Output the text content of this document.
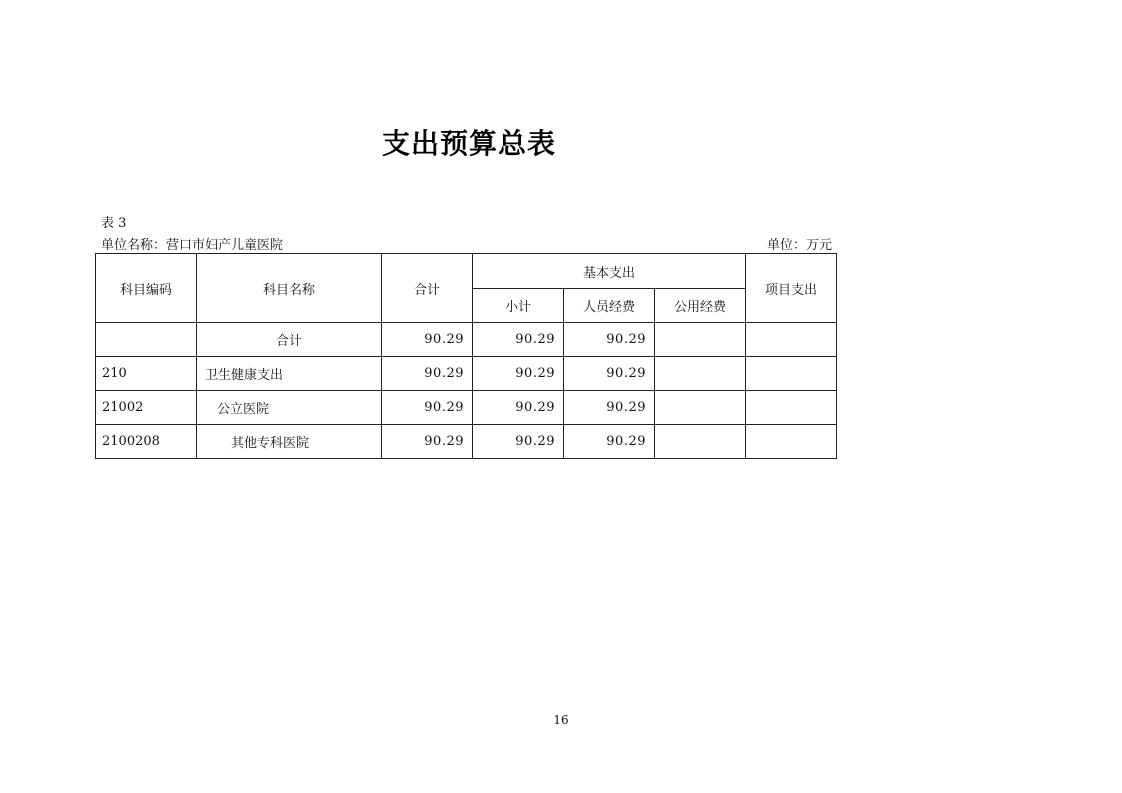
支出预算总表
表 3
单位名称：营口市妇产儿童医院	单位：万元
科目编码	科目名称	合计	基本支出			项目支出
			小计	人员经费	公用经费	
	合计	90.29	90.29	90.29		
210	卫生健康支出	90.29	90.29	90.29		
21002	公立医院	90.29	90.29	90.29		
2100208	其他专科医院	90.29	90.29	90.29		
16
